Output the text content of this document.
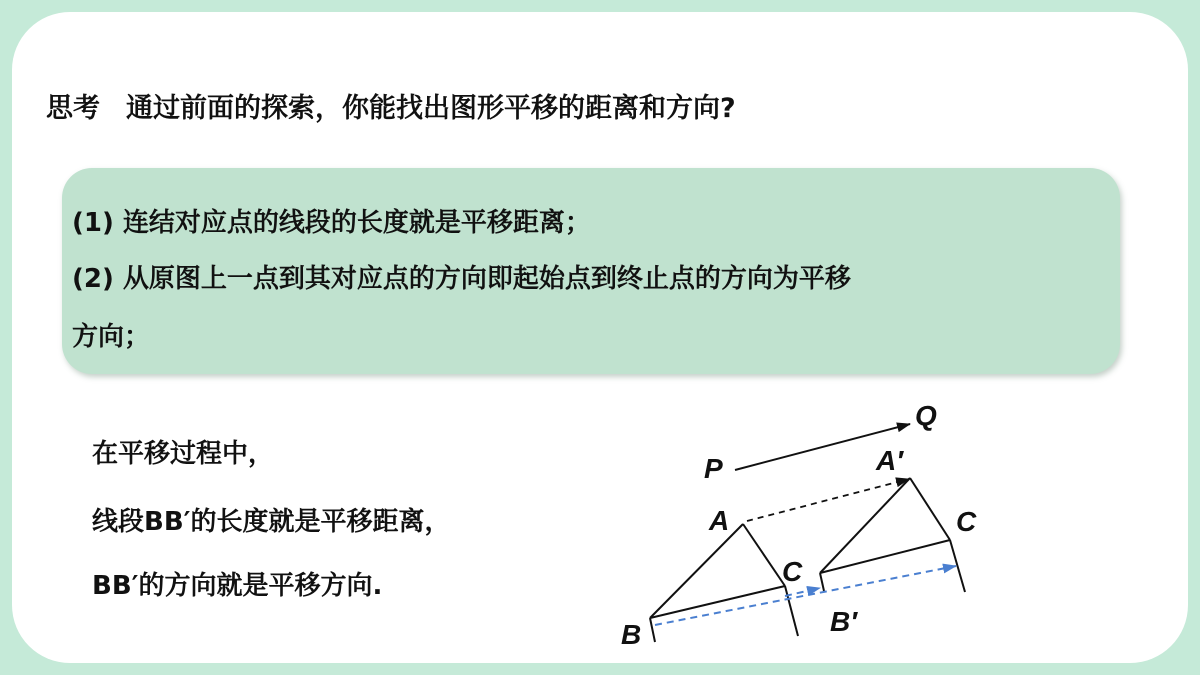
思考 通过前面的探索，你能找出图形平移的距离和方向?

(1) 连结对应点的线段的长度就是平移距离；

(2) 从原图上一点到其对应点的方向即起始点到终止点的方向为平移

方向；

在平移过程中，

线段BB′的长度就是平移距离，

BB′的方向就是平移方向.

P
Q
A
A′
B	B′
C
C
